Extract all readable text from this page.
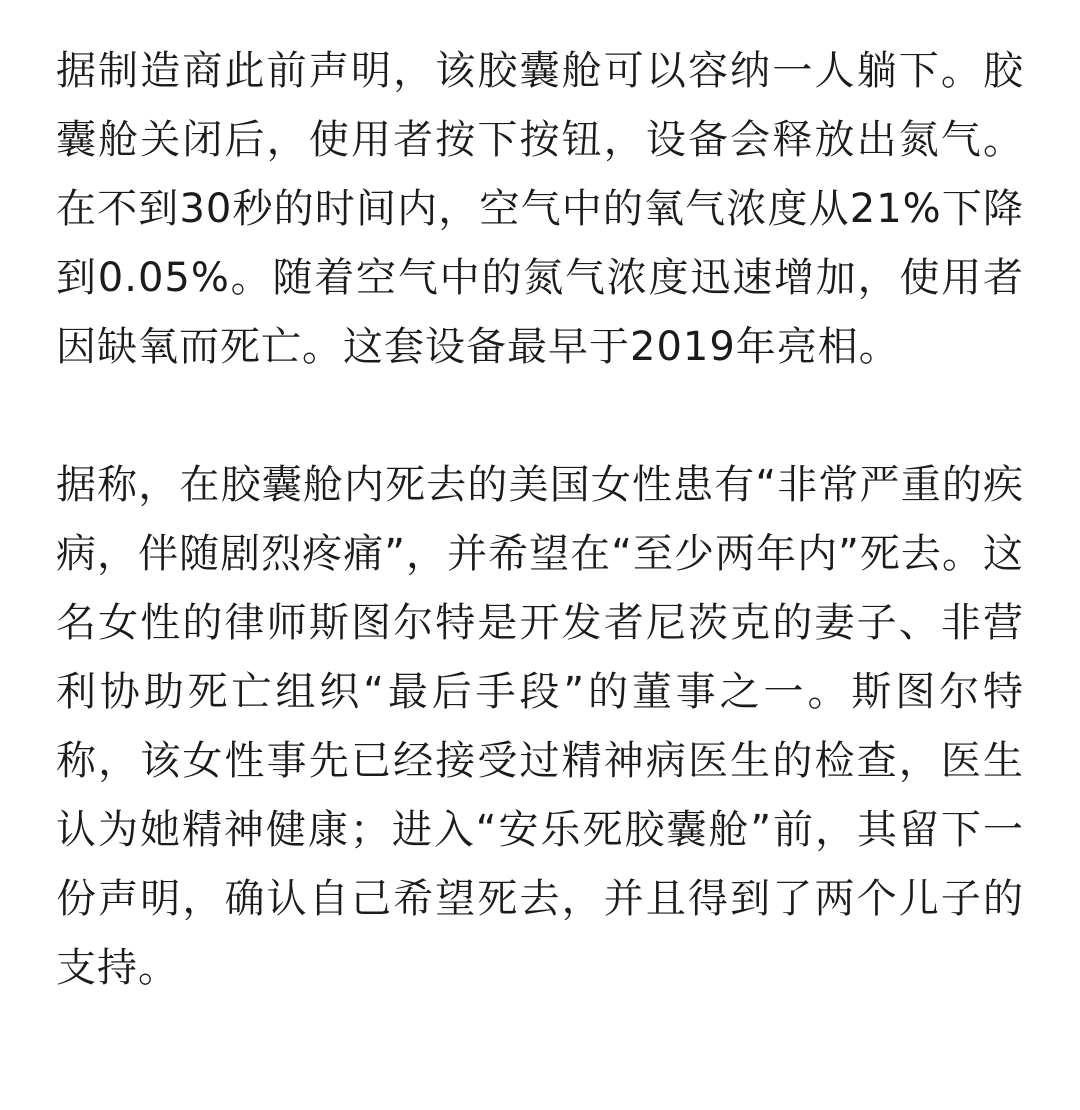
据制造商此前声明，该胶囊舱可以容纳一人躺下。胶囊舱关闭后，使用者按下按钮，设备会释放出氮气。在不到30秒的时间内，空气中的氧气浓度从21%下降到0.05%。随着空气中的氮气浓度迅速增加，使用者因缺氧而死亡。这套设备最早于2019年亮相。

据称，在胶囊舱内死去的美国女性患有“非常严重的疾病，伴随剧烈疼痛”，并希望在“至少两年内”死去。这名女性的律师斯图尔特是开发者尼茨克的妻子、非营利协助死亡组织“最后手段”的董事之一。斯图尔特称，该女性事先已经接受过精神病医生的检查，医生认为她精神健康；进入“安乐死胶囊舱”前，其留下一份声明，确认自己希望死去，并且得到了两个儿子的支持。
